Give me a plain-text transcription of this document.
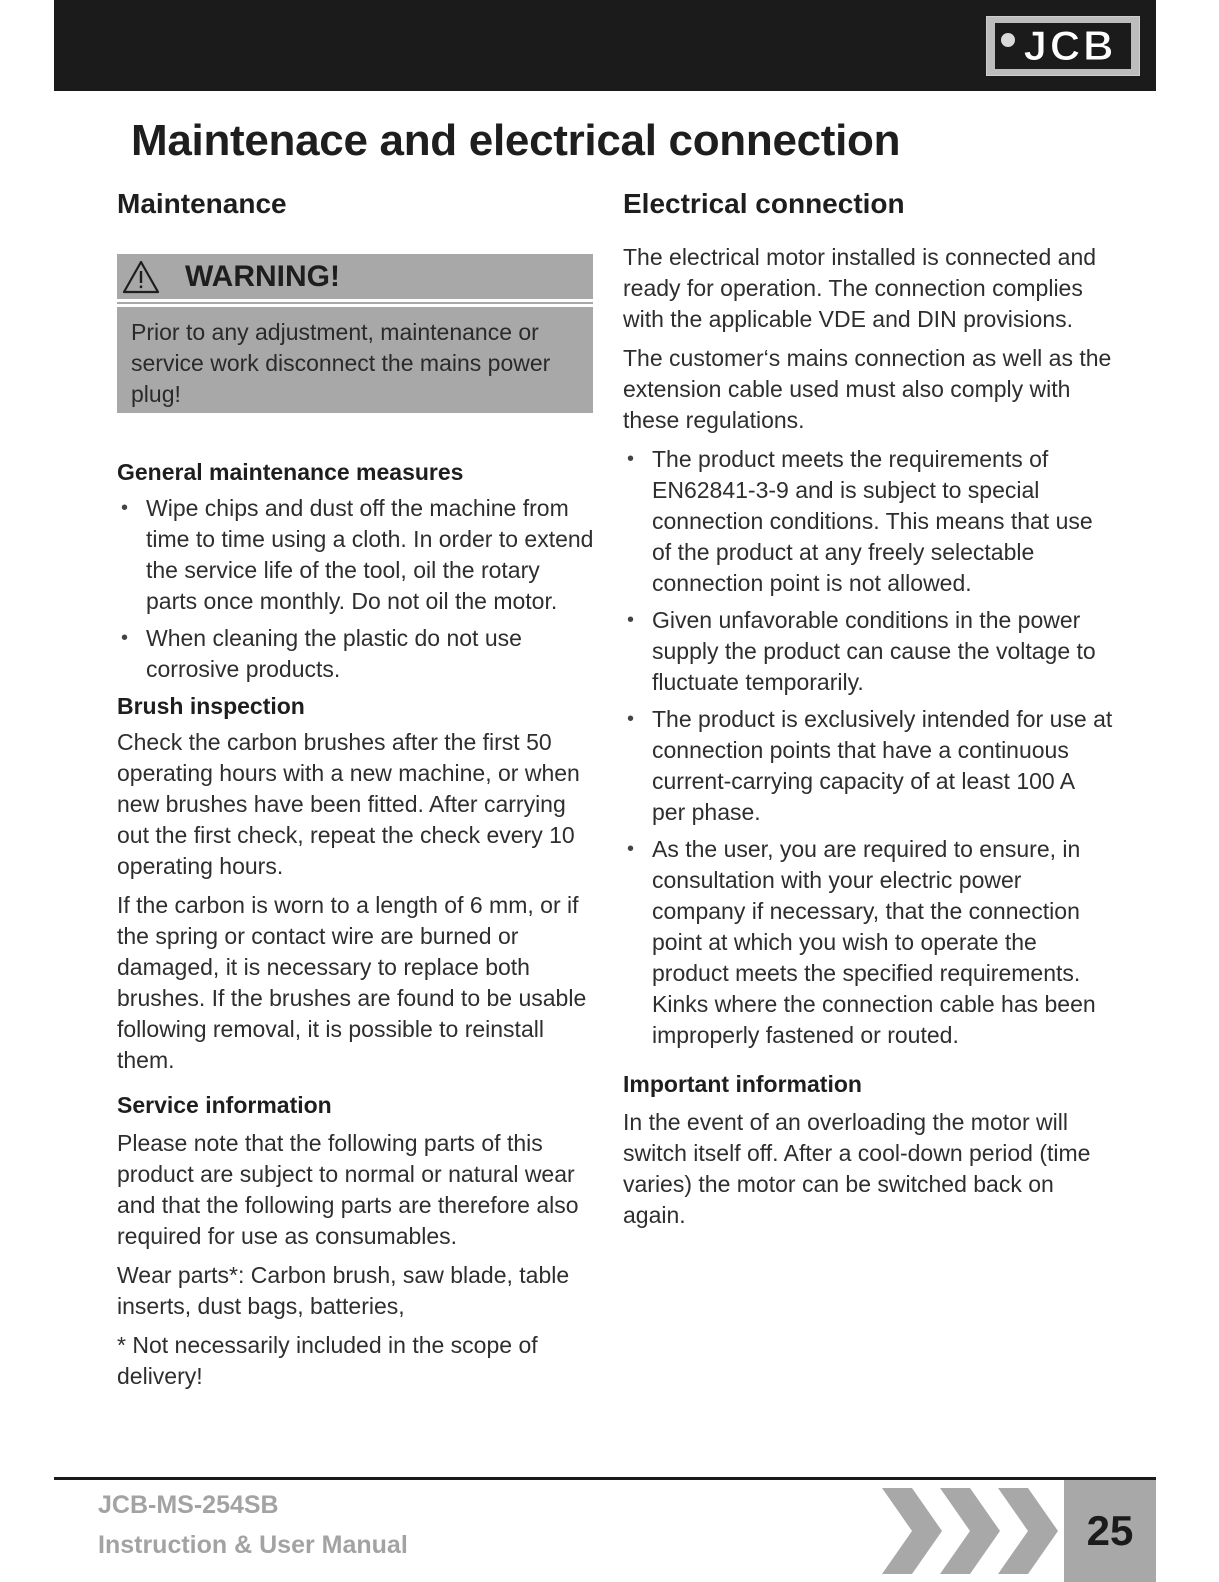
JCB
Maintenace and electrical connection
Maintenance
WARNING!

Prior to any adjustment, maintenance or service work disconnect the mains power plug!

General maintenance measures
• Wipe chips and dust off the machine from time to time using a cloth. In order to extend the service life of the tool, oil the rotary parts once monthly. Do not oil the motor.
• When cleaning the plastic do not use corrosive products.
Brush inspection

Check the carbon brushes after the first 50 operating hours with a new machine, or when new brushes have been fitted. After carrying out the first check, repeat the check every 10 operating hours.

If the carbon is worn to a length of 6 mm, or if the spring or contact wire are burned or damaged, it is necessary to replace both brushes. If the brushes are found to be usable following removal, it is possible to reinstall them.

Service information

Please note that the following parts of this product are subject to normal or natural wear and that the following parts are therefore also required for use as consumables.

Wear parts*: Carbon brush, saw blade, table inserts, dust bags, batteries,

* Not necessarily included in the scope of delivery!

Electrical connection

The electrical motor installed is connected and ready for operation. The connection complies with the applicable VDE and DIN provisions.

The customer‘s mains connection as well as the extension cable used must also comply with these regulations.

• The product meets the requirements of EN62841-3-9 and is subject to special connection conditions. This means that use of the product at any freely selectable connection point is not allowed.
• Given unfavorable conditions in the power supply the product can cause the voltage to fluctuate temporarily.
• The product is exclusively intended for use at connection points that have a continuous current-carrying capacity of at least 100 A per phase.
• As the user, you are required to ensure, in consultation with your electric power company if necessary, that the connection point at which you wish to operate the product meets the specified requirements. Kinks where the connection cable has been improperly fastened or routed.
Important information

In the event of an overloading the motor will switch itself off. After a cool-down period (time varies) the motor can be switched back on again.

JCB-MS-254SB
Instruction & User Manual	25
